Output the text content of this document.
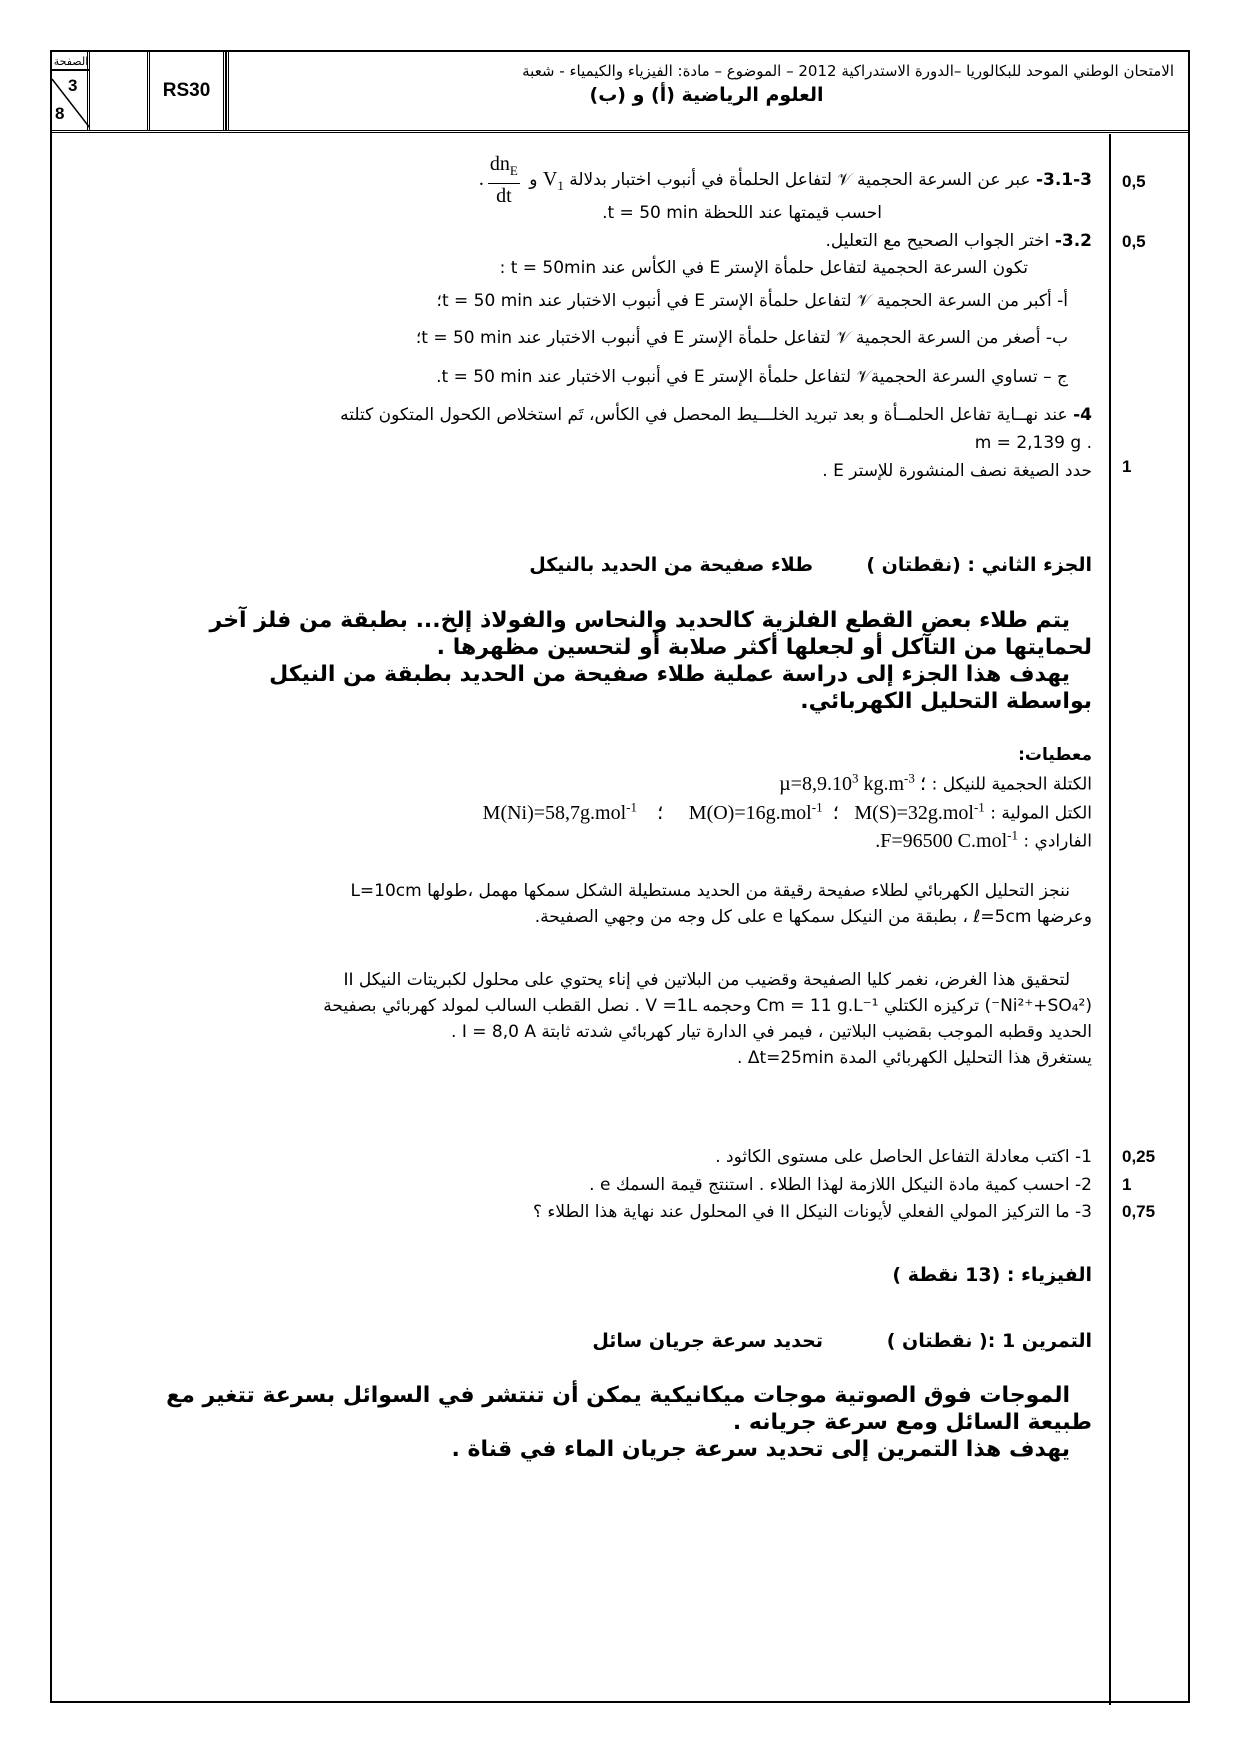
الامتحان الوطني الموحد للبكالوريا –الدورة الاستدراكية 2012 – الموضوع – مادة: الفيزياء والكيمياء - شعبة
العلوم الرياضية (أ) و (ب)
RS30
الصفحة
3
8
0,5
0,5
1
0,25
1
0,75
3.1-3- عبر عن السرعة الحجمية 𝒱 لتفاعل الحلمأة في أنبوب اختبار بدلالة $V_1$ و
$\frac{dn_E}{dt}$
.
احسب قيمتها عند اللحظة t = 50 min.
3.2- اختر الجواب الصحيح مع التعليل.
تكون السرعة الحجمية لتفاعل حلمأة الإستر E في الكأس عند t = 50min :
أ- أكبر من السرعة الحجمية 𝒱 لتفاعل حلمأة الإستر E في أنبوب الاختبار عند t = 50 min؛
ب- أصغر من السرعة الحجمية 𝒱 لتفاعل حلمأة الإستر E في أنبوب الاختبار عند t = 50 min؛
ج – تساوي السرعة الحجمية𝒱 لتفاعل حلمأة الإستر E في أنبوب الاختبار عند t = 50 min.
4- عند نهــاية تفاعل الحلمــأة و بعد تبريد الخلـــيط المحصل في الكأس، تَم استخلاص الكحول المتكون كتلته
. m = 2,139 g
حدد الصيغة نصف المنشورة للإستر E .
الجزء الثاني : (نقطتان )
طلاء صفيحة من الحديد بالنيكل
يتم طلاء بعض القطع الفلزية كالحديد والنحاس والفولاذ إلخ... بطبقة من فلز آخر لحمايتها من التآكل أو لجعلها أكثر صلابة أو لتحسين مظهرها .
يهدف هذا الجزء إلى دراسة عملية طلاء صفيحة من الحديد بطبقة من النيكل بواسطة التحليل الكهربائي.
معطيات:
الكتلة الحجمية للنيكل : $\mu=8,9.10^3$ $kg.m^{-3}$ ؛
الكتل المولية : M(Ni)=58,7g.mol$^{-1}$    ؛     M(O)=16g.mol$^{-1}$  ؛   M(S)=32g.mol$^{-1}$
الفارادي : .F=96500 C.mol$^{-1}$
ننجز التحليل الكهربائي لطلاء صفيحة رقيقة من الحديد مستطيلة الشكل سمكها مهمل ،طولها L=10cm
وعرضها ℓ=5cm ، بطبقة من النيكل سمكها e على كل وجه من وجهي الصفيحة.
لتحقيق هذا الغرض، نغمر كليا الصفيحة وقضيب من البلاتين في إناء يحتوي على محلول لكبريتات النيكل II
(Ni²⁺+SO₄²⁻) تركيزه الكتلي Cm = 11 g.L⁻¹ وحجمه V =1L . نصل القطب السالب لمولد كهربائي بصفيحة
الحديد وقطبه الموجب بقضيب البلاتين ، فيمر في الدارة تيار كهربائي شدته ثابتة I = 8,0 A .
يستغرق هذا التحليل الكهربائي المدة Δt=25min .
1- اكتب معادلة التفاعل الحاصل على مستوى الكاثود .
2- احسب كمية مادة النيكل اللازمة لهذا الطلاء . استنتج قيمة السمك e .
3- ما التركيز المولي الفعلي لأيونات النيكل II في المحلول عند نهاية هذا الطلاء ؟
الفيزياء : (13 نقطة )
التمرين 1 :( نقطتان )
تحديد سرعة جريان سائل
الموجات فوق الصوتية موجات ميكانيكية يمكن أن تنتشر في السوائل بسرعة تتغير مع طبيعة السائل ومع سرعة جريانه .
يهدف هذا التمرين إلى تحديد سرعة جريان الماء في قناة .
